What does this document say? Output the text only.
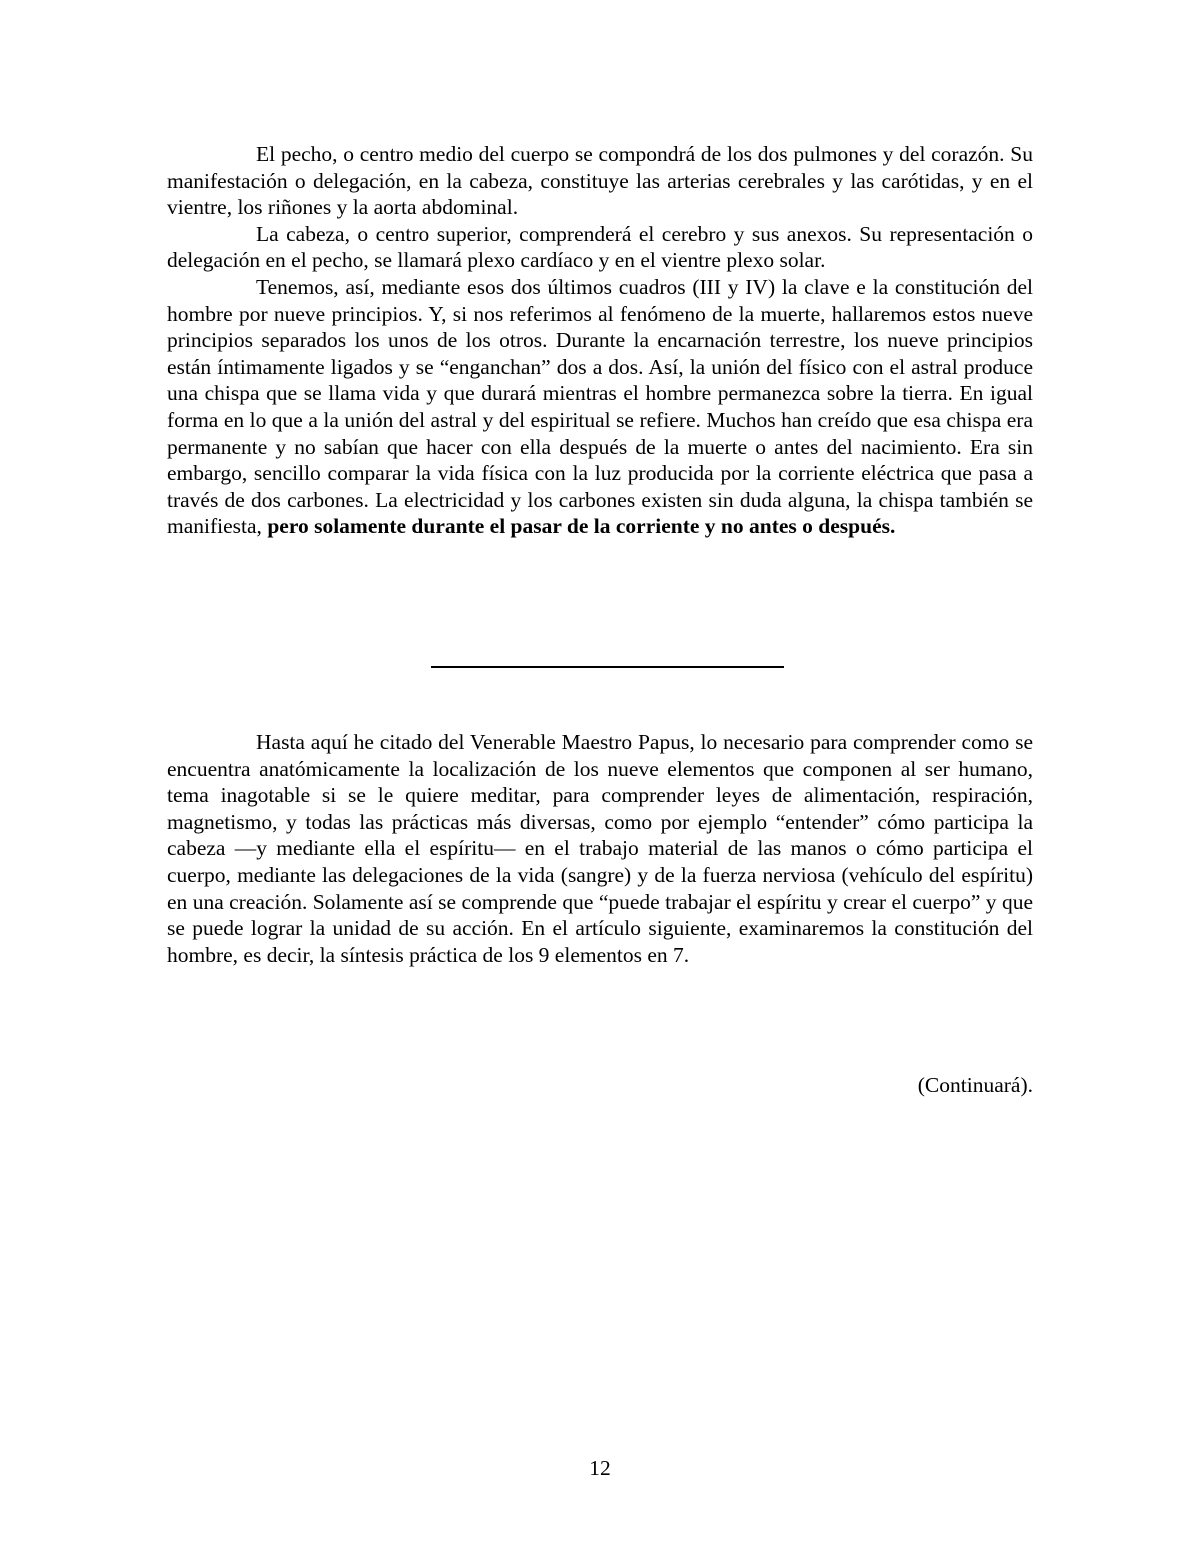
El pecho, o centro medio del cuerpo se compondrá de los dos pulmones y del corazón. Su manifestación o delegación, en la cabeza, constituye las arterias cerebrales y las carótidas, y en el vientre, los riñones y la aorta abdominal.

La cabeza, o centro superior, comprenderá el cerebro y sus anexos. Su representación o delegación en el pecho, se llamará plexo cardíaco y en el vientre plexo solar.

Tenemos, así, mediante esos dos últimos cuadros (III y IV) la clave e la constitución del hombre por nueve principios. Y, si nos referimos al fenómeno de la muerte, hallaremos estos nueve principios separados los unos de los otros. Durante la encarnación terrestre, los nueve principios están íntimamente ligados y se “enganchan” dos a dos. Así, la unión del físico con el astral produce una chispa que se llama vida y que durará mientras el hombre permanezca sobre la tierra. En igual forma en lo que a la unión del astral y del espiritual se refiere. Muchos han creído que esa chispa era permanente y no sabían que hacer con ella después de la muerte o antes del nacimiento. Era sin embargo, sencillo comparar la vida física con la luz producida por la corriente eléctrica que pasa a través de dos carbones. La electricidad y los carbones existen sin duda alguna, la chispa también se manifiesta, pero solamente durante el pasar de la corriente y no antes o después.

Hasta aquí he citado del Venerable Maestro Papus, lo necesario para comprender como se encuentra anatómicamente la localización de los nueve elementos que componen al ser humano, tema inagotable si se le quiere meditar, para comprender leyes de alimentación, respiración, magnetismo, y todas las prácticas más diversas, como por ejemplo “entender” cómo participa la cabeza —y mediante ella el espíritu— en el trabajo material de las manos o cómo participa el cuerpo, mediante las delegaciones de la vida (sangre) y de la fuerza nerviosa (vehículo del espíritu) en una creación. Solamente así se comprende que “puede trabajar el espíritu y crear el cuerpo” y que se puede lograr la unidad de su acción. En el artículo siguiente, examinaremos la constitución del hombre, es decir, la síntesis práctica de los 9 elementos en 7.

(Continuará).
12
